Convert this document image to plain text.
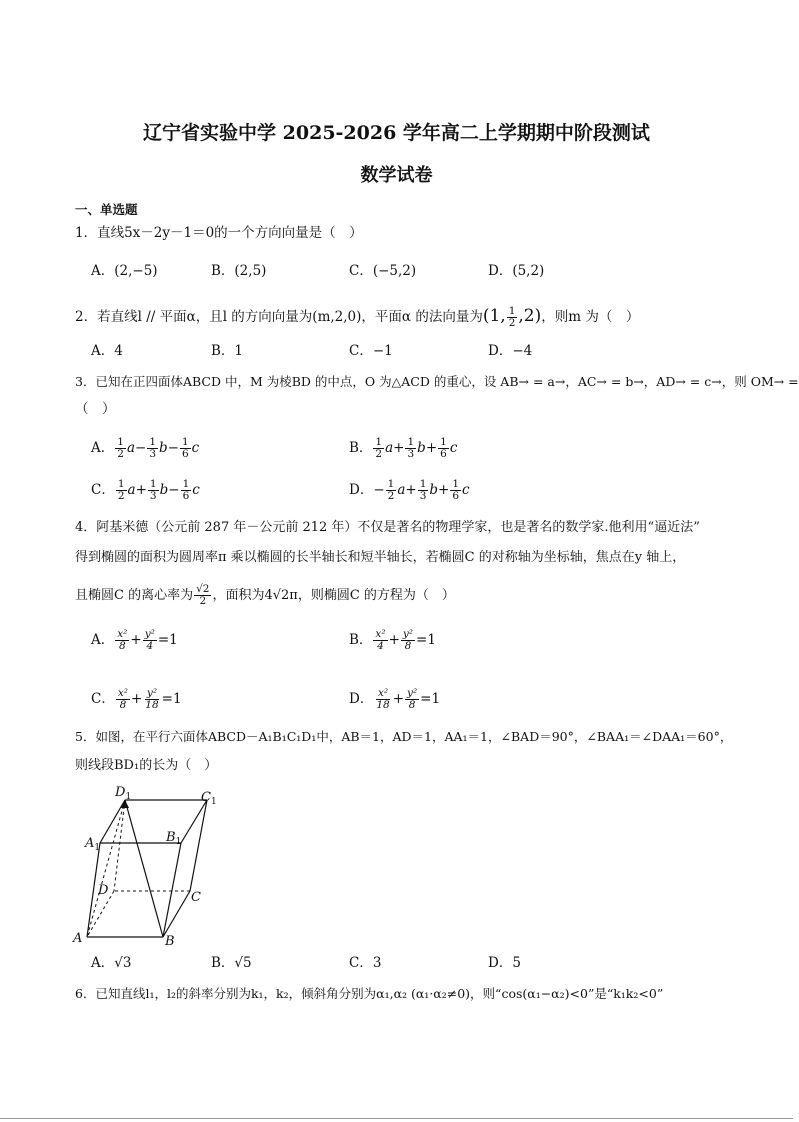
辽宁省实验中学 2025-2026 学年高二上学期期中阶段测试
数学试卷
一、单选题
1．直线5x－2y－1＝0的一个方向向量是（　）
A．(2,−5)	B．(2,5)	C．(−5,2)	D．(5,2)
2．若直线l // 平面α，且l 的方向向量为(m,2,0)，平面α 的法向量为(1, $\frac{1}{2} ,2$)，则m 为（　）
A．4	B．1	C．−1	D．−4
3．已知在正四面体ABCD 中，M 为棱BD 的中点，O 为△ACD 的重心，设 AB→ = a→，AC→ = b→，AD→ = c→，则 OM→ =
（　）
A． $\frac{1}{2} a- \frac{1}{3} b- \frac{1}{6}$ c	B． $\frac{1}{2} a+ \frac{1}{3} b+ \frac{1}{6}$ c
C． $\frac{1}{2} a+ \frac{1}{3} b- \frac{1}{6}$ c	D．− $\frac{1}{2} a+ \frac{1}{3} b+ \frac{1}{6}$ c
4．阿基米德（公元前 287 年－公元前 212 年）不仅是著名的物理学家，也是著名的数学家.他利用“逼近法”
得到椭圆的面积为圆周率π 乘以椭圆的长半轴长和短半轴长，若椭圆C 的对称轴为坐标轴，焦点在y 轴上，
且椭圆C 的离心率为 $\frac{√2}{2}$ ，面积为4√2π，则椭圆C 的方程为（　）
A． $\frac{\text{x²}}{8} + \frac{\text{y²}}{4} =1$	B． $\frac{\text{x²}}{4} + \frac{\text{y²}}{8} =1$
C． $\frac{\text{x²}}{8} + \frac{\text{y²}}{18} =1$	D． $\frac{\text{x²}}{18} + \frac{\text{y²}}{8} =1$
5．如图，在平行六面体ABCD－A₁B₁C₁D₁中，AB＝1，AD＝1，AA₁＝1，∠BAD＝90°，∠BAA₁＝∠DAA₁＝60°，
则线段BD₁的长为（　）
$D_1$	$C_1$
$A_1$
$B_1$
D	C
A	B
A．√3	B．√5	C．3	D．5
6．已知直线l₁，l₂的斜率分别为k₁，k₂，倾斜角分别为α₁,α₂ (α₁·α₂≠0)，则“cos(α₁−α₂)<0”是“k₁k₂<0”
